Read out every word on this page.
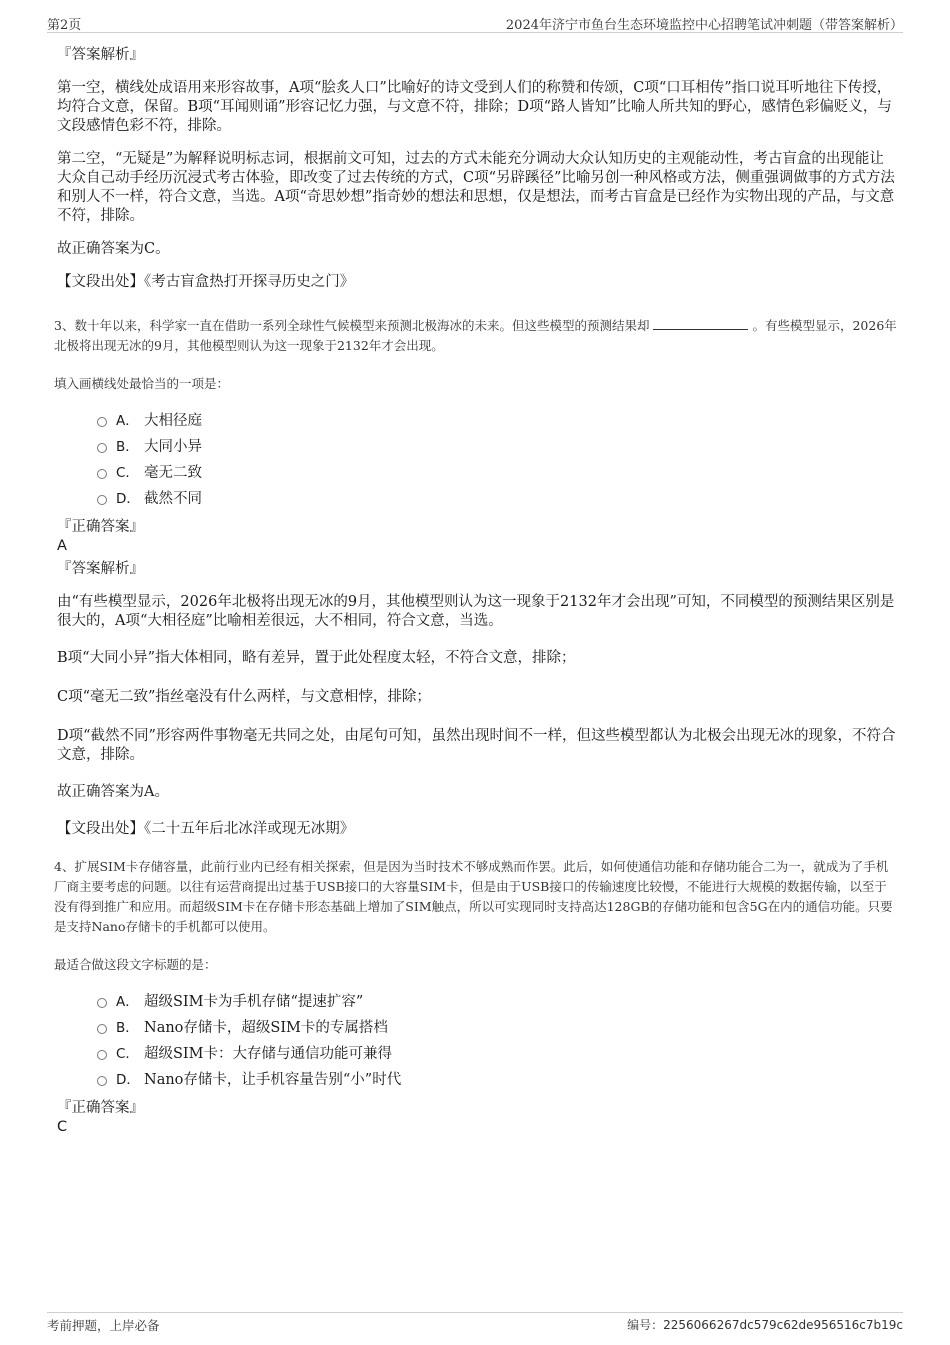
第2页	2024年济宁市鱼台生态环境监控中心招聘笔试冲刺题（带答案解析）
『答案解析』

第一空，横线处成语用来形容故事，A项“脍炙人口”比喻好的诗文受到人们的称赞和传颂，C项“口耳相传”指口说耳听地往下传授，均符合文意，保留。B项“耳闻则诵”形容记忆力强，与文意不符，排除；D项“路人皆知”比喻人所共知的野心，感情色彩偏贬义，与文段感情色彩不符，排除。

第二空，“无疑是”为解释说明标志词，根据前文可知，过去的方式未能充分调动大众认知历史的主观能动性，考古盲盒的出现能让大众自己动手经历沉浸式考古体验，即改变了过去传统的方式，C项“另辟蹊径”比喻另创一种风格或方法，侧重强调做事的方式方法和别人不一样，符合文意，当选。A项“奇思妙想”指奇妙的想法和思想，仅是想法，而考古盲盒是已经作为实物出现的产品，与文意不符，排除。

故正确答案为C。

【文段出处】《考古盲盒热打开探寻历史之门》

3、数十年以来，科学家一直在借助一系列全球性气候模型来预测北极海冰的未来。但这些模型的预测结果却	。有些模型显示，2026年北极将出现无冰的9月，其他模型则认为这一现象于2132年才会出现。

填入画横线处最恰当的一项是：

A． 大相径庭
B． 大同小异
C． 毫无二致
D． 截然不同
『正确答案』
A
『答案解析』

由“有些模型显示，2026年北极将出现无冰的9月，其他模型则认为这一现象于2132年才会出现”可知，不同模型的预测结果区别是很大的，A项“大相径庭”比喻相差很远，大不相同，符合文意，当选。

B项“大同小异”指大体相同，略有差异，置于此处程度太轻，不符合文意，排除；

C项“毫无二致”指丝毫没有什么两样，与文意相悖，排除；

D项“截然不同”形容两件事物毫无共同之处，由尾句可知，虽然出现时间不一样，但这些模型都认为北极会出现无冰的现象，不符合文意，排除。

故正确答案为A。

【文段出处】《二十五年后北冰洋或现无冰期》

4、扩展SIM卡存储容量，此前行业内已经有相关探索，但是因为当时技术不够成熟而作罢。此后，如何使通信功能和存储功能合二为一，就成为了手机厂商主要考虑的问题。以往有运营商提出过基于USB接口的大容量SIM卡，但是由于USB接口的传输速度比较慢，不能进行大规模的数据传输，以至于没有得到推广和应用。而超级SIM卡在存储卡形态基础上增加了SIM触点，所以可实现同时支持高达128GB的存储功能和包含5G在内的通信功能。只要是支持Nano存储卡的手机都可以使用。

最适合做这段文字标题的是：

A． 超级SIM卡为手机存储“提速扩容”
B． Nano存储卡，超级SIM卡的专属搭档
C． 超级SIM卡：大存储与通信功能可兼得
D． Nano存储卡，让手机容量告别“小”时代
『正确答案』
C
考前押题，上岸必备	编号：2256066267dc579c62de956516c7b19c
